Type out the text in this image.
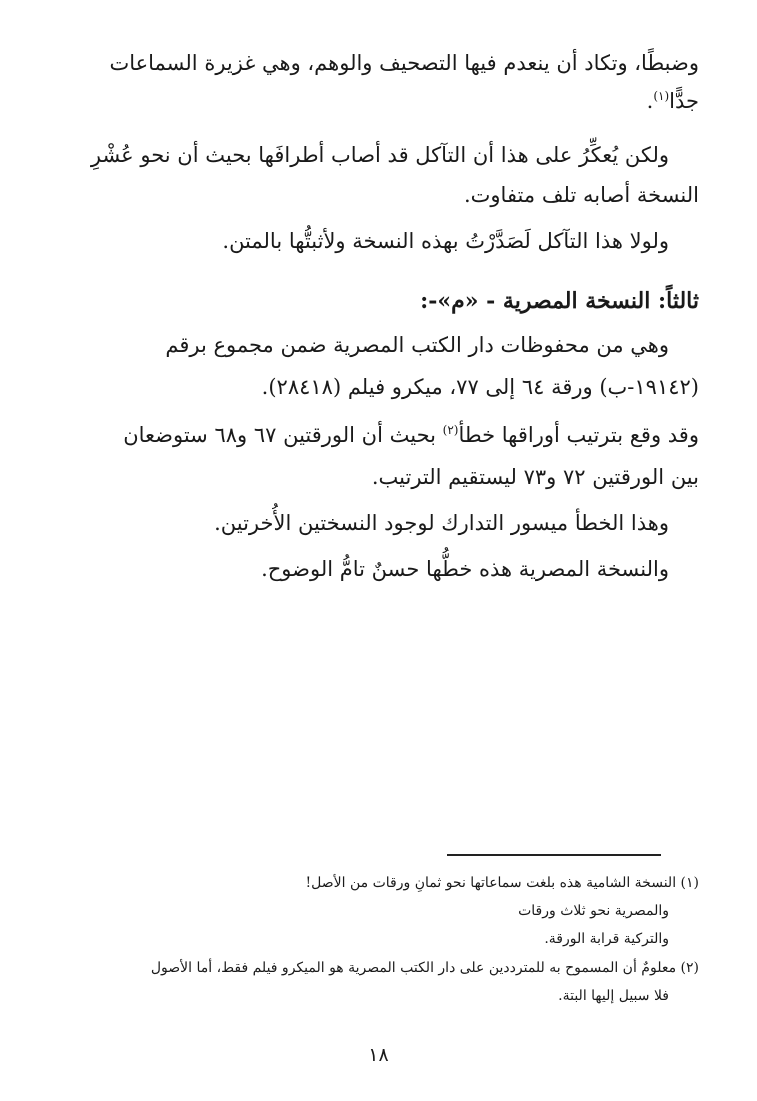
وضبطًا، وتكاد أن ينعدم فيها التصحيف والوهم، وهي غزيرة السماعات
جدًّا$^{(١)}$.
ولكن يُعكِّرُ على هذا أن التآكل قد أصاب أطرافَها بحيث أن نحو عُشْرِ
النسخة أصابه تلف متفاوت.
ولولا هذا التآكل لَصَدَّرْتُ بهذه النسخة ولأثبتُّها بالمتن.
ثالثاً: النسخة المصرية - «م»-:
وهي من محفوظات دار الكتب المصرية ضمن مجموع برقم
(١٩١٤٢-ب) ورقة ٦٤ إلى ٧٧، ميكرو فيلم (٢٨٤١٨).
وقد وقع بترتيب أوراقها خطأ$^{(٢)}$ بحيث أن الورقتين ٦٧ و٦٨ ستوضعان
بين الورقتين ٧٢ و٧٣ ليستقيم الترتيب.
وهذا الخطأ ميسور التدارك لوجود النسختين الأُخرتين.
والنسخة المصرية هذه خطُّها حسنٌ تامُّ الوضوح.
(١) النسخة الشامية هذه بلغت سماعاتها نحو ثمانِ ورقات من الأصل!
والمصرية نحو ثلاث ورقات
والتركية قرابة الورقة.
(٢) معلومٌ أن المسموح به للمترددين على دار الكتب المصرية هو الميكرو فيلم فقط، أما الأصول
فلا سبيل إليها البتة.
١٨
